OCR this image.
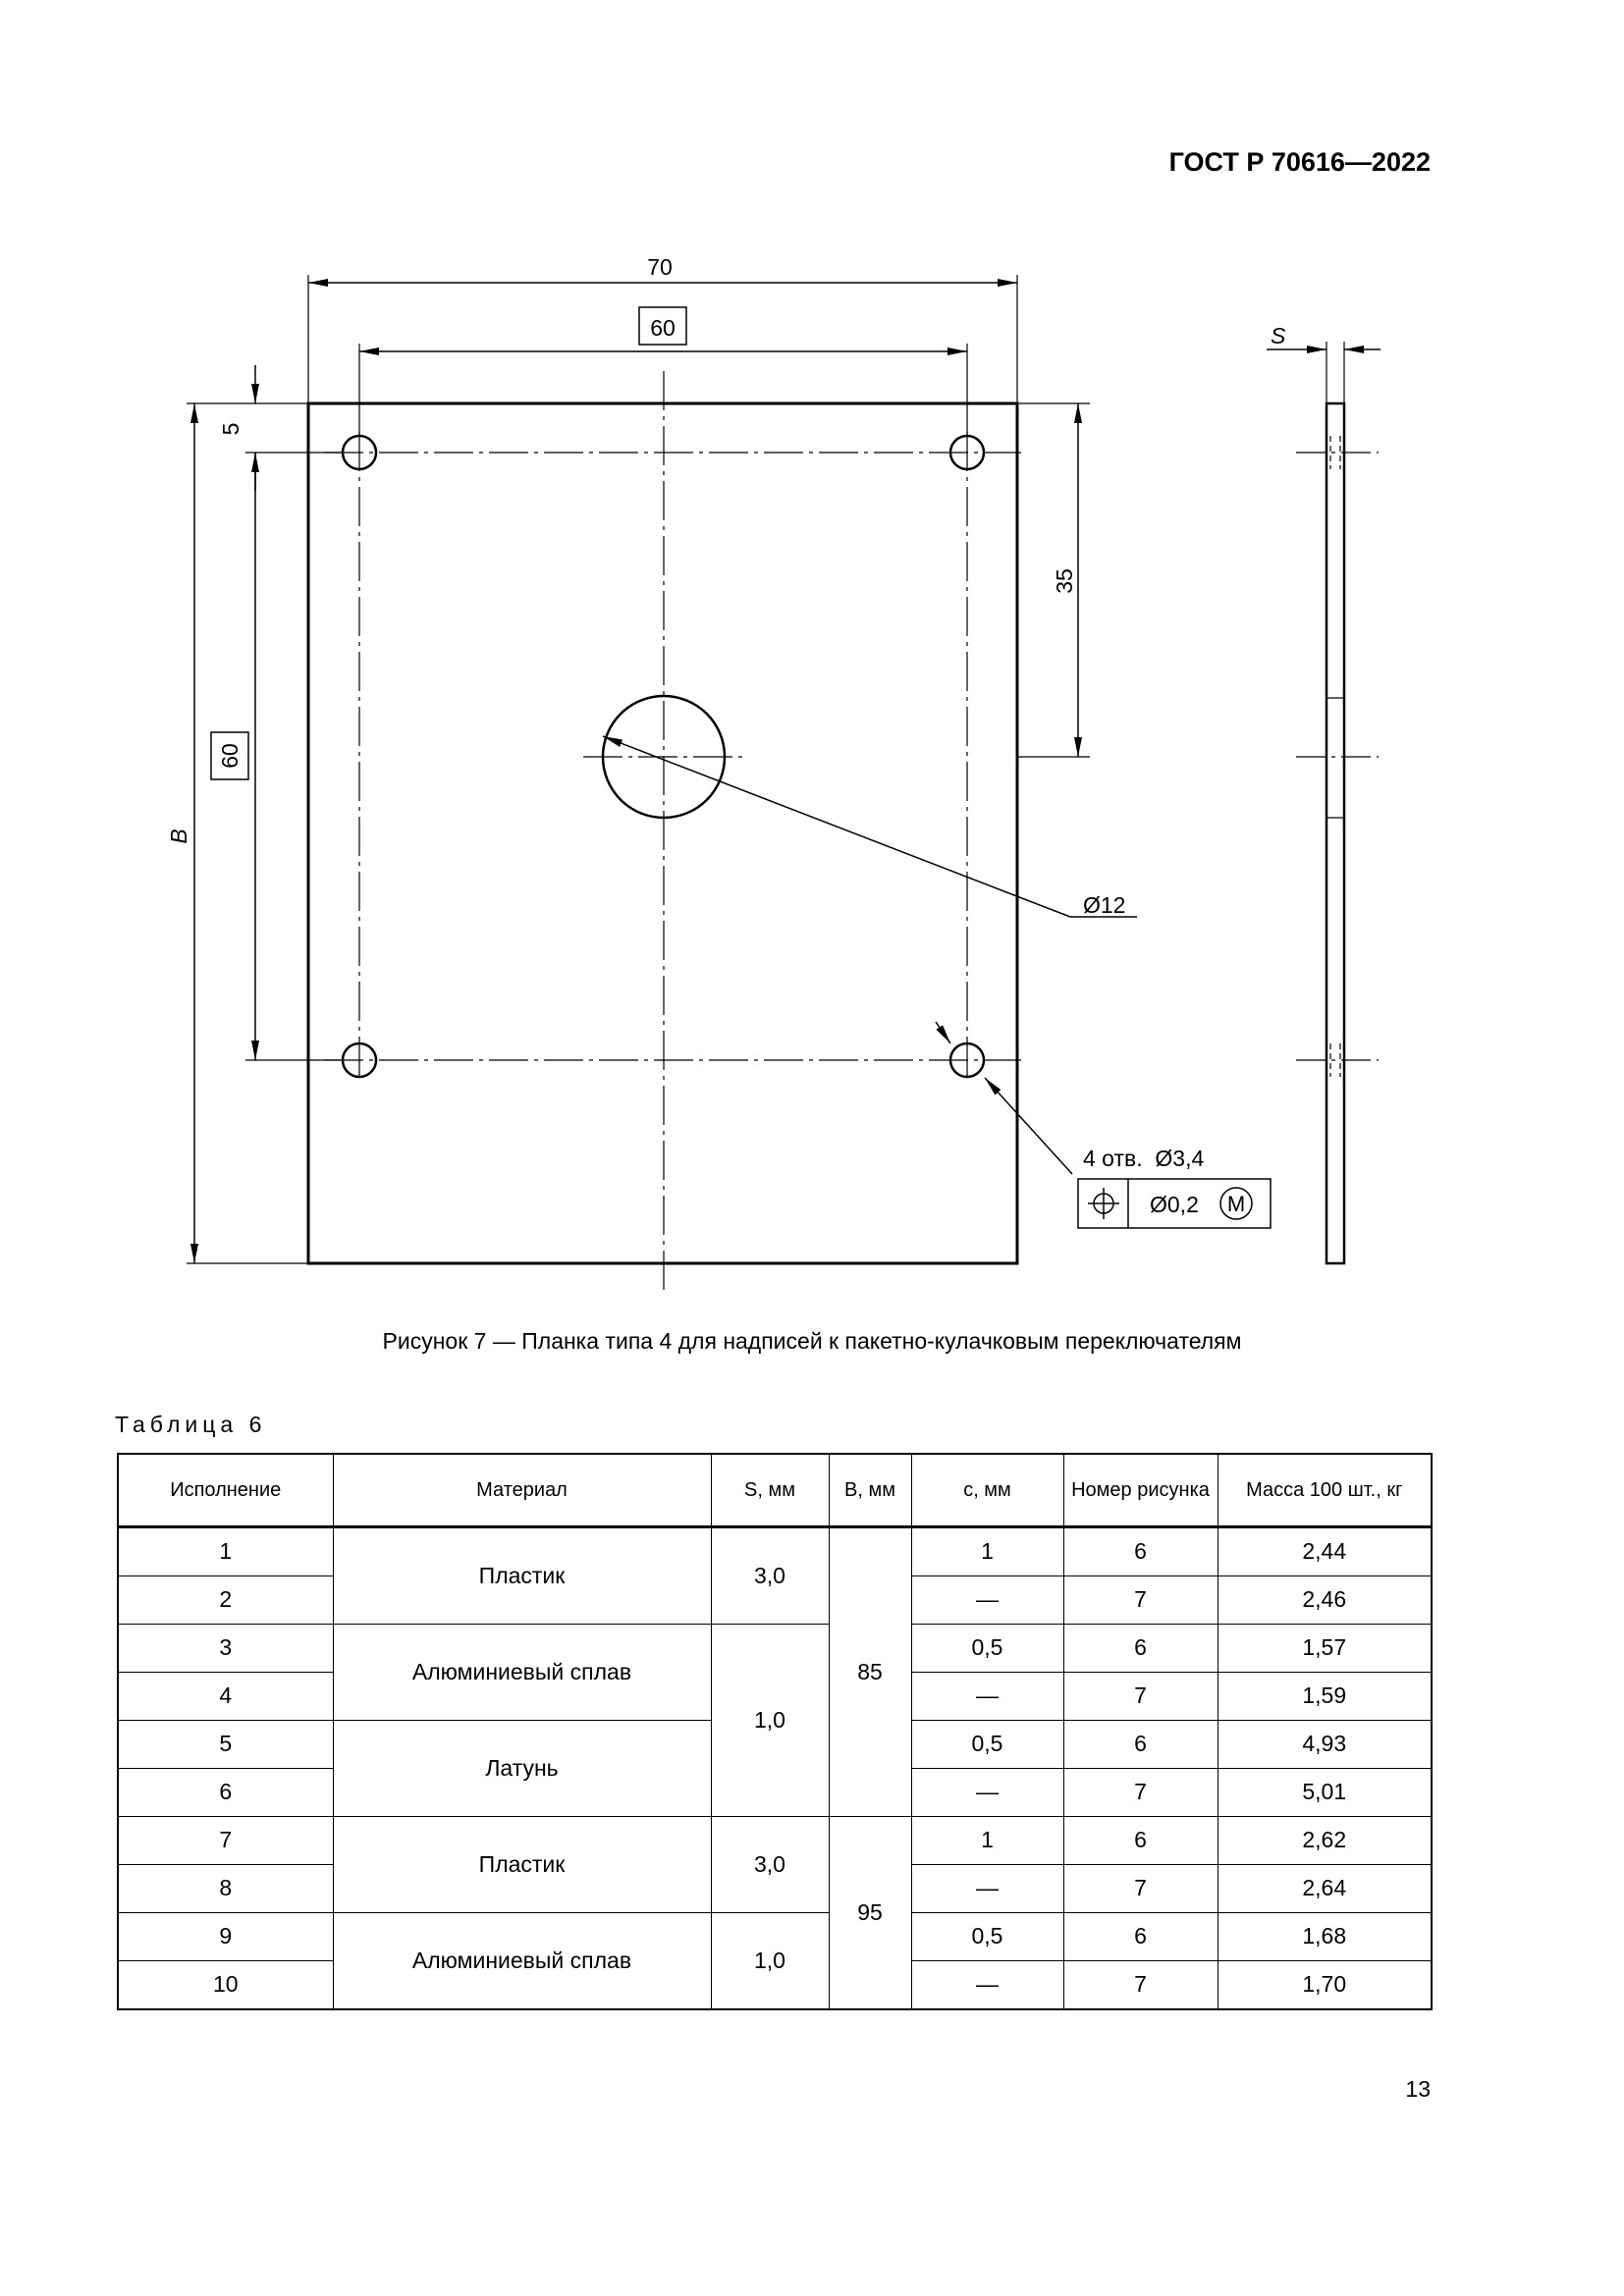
ГОСТ Р 70616—2022
70
60
5
60
B
35
Ø12
4 отв.  Ø3,4
Ø0,2 M
S
Рисунок 7 — Планка типа 4 для надписей к пакетно-кулачковым переключателям
Таблица 6
Исполнение	Материал	S, мм	B, мм	с, мм	Номер рисунка	Масса 100 шт., кг
1	Пластик	3,0	85	1	6	2,44
2				—	7	2,46
3	Алюминиевый сплав	1,0		0,5	6	1,57
4				—	7	1,59
5	Латунь			0,5	6	4,93
6				—	7	5,01
7	Пластик	3,0	95	1	6	2,62
8				—	7	2,64
9	Алюминиевый сплав	1,0		0,5	6	1,68
10				—	7	1,70
13
